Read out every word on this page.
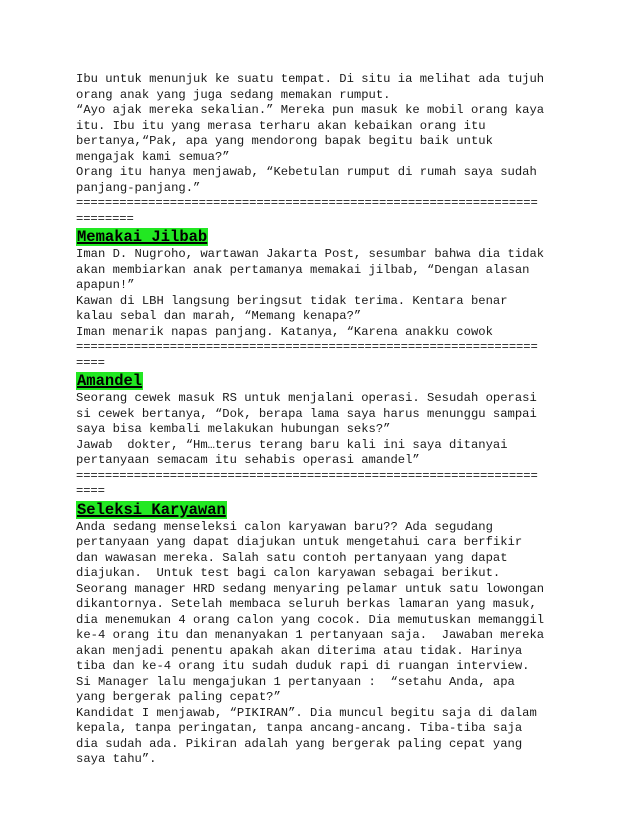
Ibu untuk menunjuk ke suatu tempat. Di situ ia melihat ada tujuh
orang anak yang juga sedang memakan rumput.
“Ayo ajak mereka sekalian.” Mereka pun masuk ke mobil orang kaya
itu. Ibu itu yang merasa terharu akan kebaikan orang itu
bertanya,“Pak, apa yang mendorong bapak begitu baik untuk
mengajak kami semua?”
Orang itu hanya menjawab, “Kebetulan rumput di rumah saya sudah
panjang-panjang.”
================================================================
========
Memakai Jilbab
Iman D. Nugroho, wartawan Jakarta Post, sesumbar bahwa dia tidak
akan membiarkan anak pertamanya memakai jilbab, “Dengan alasan
apapun!”
Kawan di LBH langsung beringsut tidak terima. Kentara benar
kalau sebal dan marah, “Memang kenapa?”
Iman menarik napas panjang. Katanya, “Karena anakku cowok
================================================================
====
Amandel
Seorang cewek masuk RS untuk menjalani operasi. Sesudah operasi
si cewek bertanya, “Dok, berapa lama saya harus menunggu sampai
saya bisa kembali melakukan hubungan seks?”
Jawab  dokter, “Hm…terus terang baru kali ini saya ditanyai
pertanyaan semacam itu sehabis operasi amandel”
================================================================
====
Seleksi Karyawan
Anda sedang menseleksi calon karyawan baru?? Ada segudang
pertanyaan yang dapat diajukan untuk mengetahui cara berfikir
dan wawasan mereka. Salah satu contoh pertanyaan yang dapat
diajukan.  Untuk test bagi calon karyawan sebagai berikut.
Seorang manager HRD sedang menyaring pelamar untuk satu lowongan
dikantornya. Setelah membaca seluruh berkas lamaran yang masuk,
dia menemukan 4 orang calon yang cocok. Dia memutuskan memanggil
ke-4 orang itu dan menanyakan 1 pertanyaan saja.  Jawaban mereka
akan menjadi penentu apakah akan diterima atau tidak. Harinya
tiba dan ke-4 orang itu sudah duduk rapi di ruangan interview.
Si Manager lalu mengajukan 1 pertanyaan :  “setahu Anda, apa
yang bergerak paling cepat?”
Kandidat I menjawab, “PIKIRAN”. Dia muncul begitu saja di dalam
kepala, tanpa peringatan, tanpa ancang-ancang. Tiba-tiba saja
dia sudah ada. Pikiran adalah yang bergerak paling cepat yang
saya tahu”.
